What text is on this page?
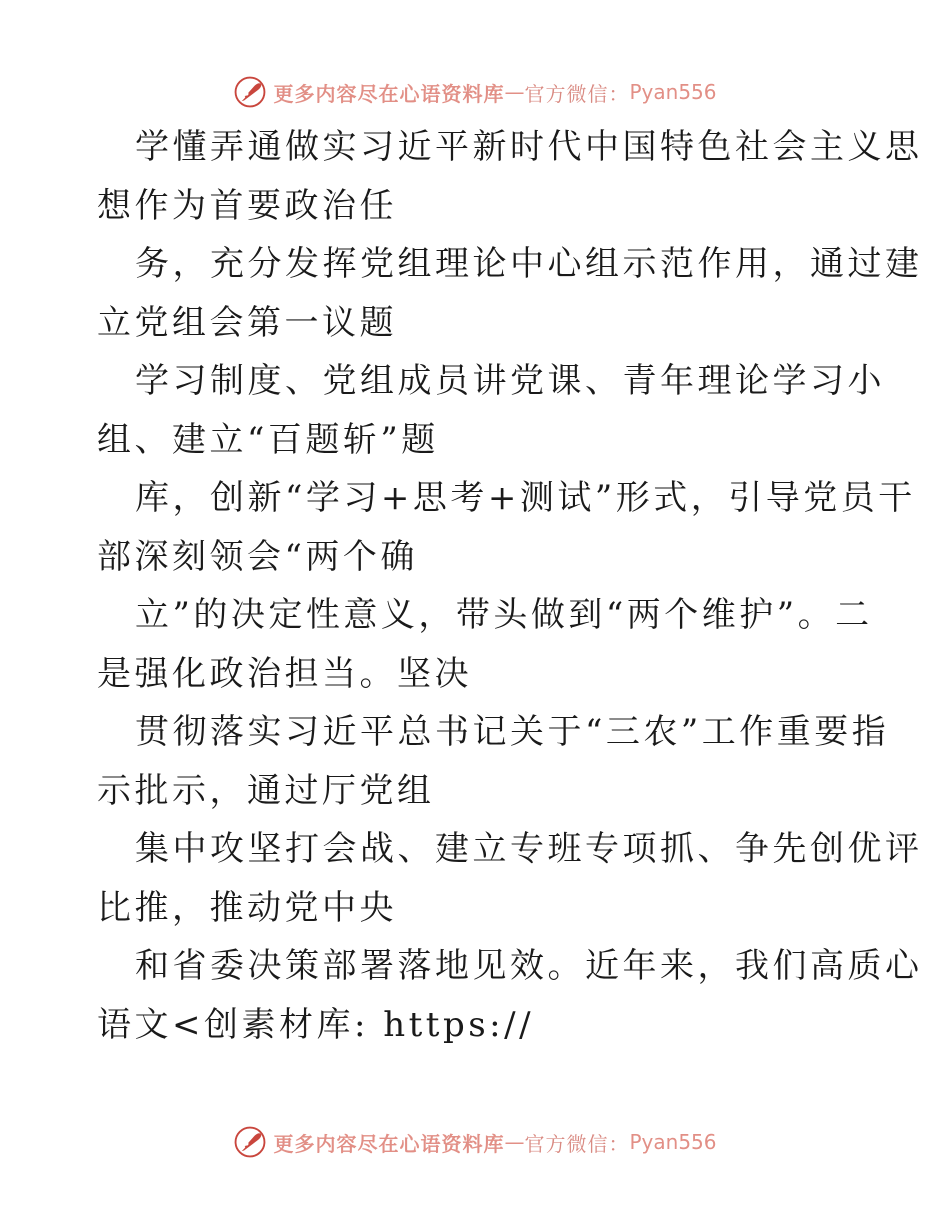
更多内容尽在心语资料库 — 官方微信： Pyan556
学懂弄通做实习近平新时代中国特色社会主义思
想作为首要政治任
务，充分发挥党组理论中心组示范作用，通过建
立党组会第一议题
学习制度、党组成员讲党课、青年理论学习小
组、建立“百题斩”题
库，创新“学习+思考+测试”形式，引导党员干
部深刻领会“两个确
立”的决定性意义，带头做到“两个维护”。二
是强化政治担当。坚决
贯彻落实习近平总书记关于“三农”工作重要指
示批示，通过厅党组
集中攻坚打会战、建立专班专项抓、争先创优评
比推，推动党中央
和省委决策部署落地见效。近年来，我们高质心
语文<创素材库: https://
更多内容尽在心语资料库 — 官方微信： Pyan556
